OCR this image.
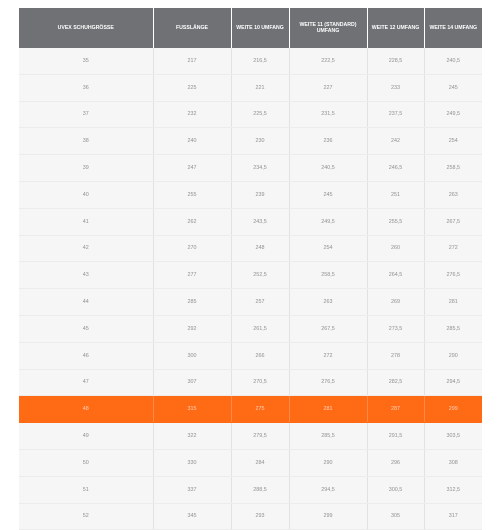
UVEX SCHUHGRÖSSE	FUSSLÄNGE	WEITE 10 UMFANG	WEITE 11 (STANDARD) UMFANG	WEITE 12 UMFANG	WEITE 14 UMFANG
35	217	216,5	222,5	228,5	240,5
36	225	221	227	233	245
37	232	225,5	231,5	237,5	249,5
38	240	230	236	242	254
39	247	234,5	240,5	246,5	258,5
40	255	239	245	251	263
41	262	243,5	249,5	255,5	267,5
42	270	248	254	260	272
43	277	252,5	258,5	264,5	276,5
44	285	257	263	269	281
45	292	261,5	267,5	273,5	285,5
46	300	266	272	278	290
47	307	270,5	276,5	282,5	294,5
48	315	275	281	287	299
49	322	279,5	285,5	291,5	303,5
50	330	284	290	296	308
51	337	288,5	294,5	300,5	312,5
52	345	293	299	305	317
